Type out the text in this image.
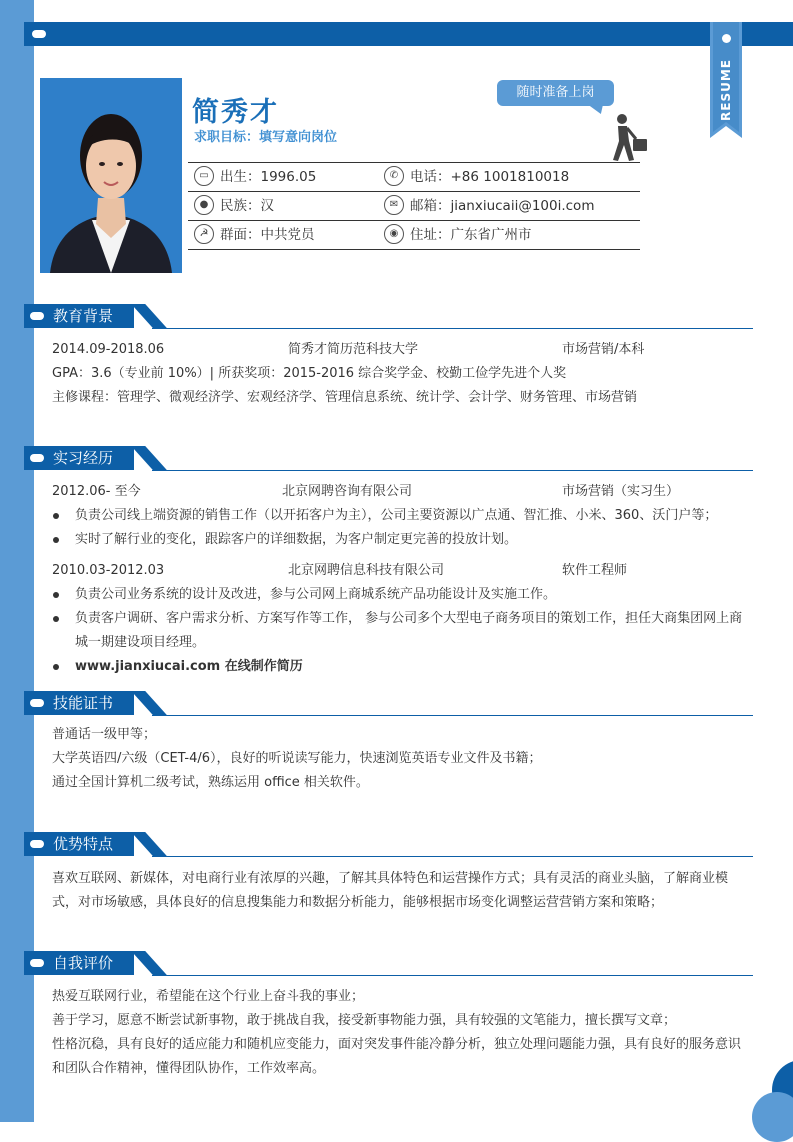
RESUME
简秀才
求职目标：填写意向岗位
随时准备上岗
▭ 出生：1996.05	✆ 电话：+86 1001810018
● 民族：汉	✉ 邮箱：jianxiucaii@100i.com
☭ 群面：中共党员	◉ 住址：广东省广州市
教育背景
2014.09-2018.06	简秀才简历范科技大学	市场营销/本科
GPA：3.6（专业前 10%）| 所获奖项：2015-2016 综合奖学金、校勤工俭学先进个人奖
主修课程：管理学、微观经济学、宏观经济学、管理信息系统、统计学、会计学、财务管理、市场营销
实习经历
2012.06- 至今	北京网聘咨询有限公司	市场营销（实习生）
负责公司线上端资源的销售工作（以开拓客户为主），公司主要资源以广点通、智汇推、小米、360、沃门户等；
实时了解行业的变化，跟踪客户的详细数据，为客户制定更完善的投放计划。
2010.03-2012.03	北京网聘信息科技有限公司	软件工程师
负责公司业务系统的设计及改进，参与公司网上商城系统产品功能设计及实施工作。
负责客户调研、客户需求分析、方案写作等工作， 参与公司多个大型电子商务项目的策划工作，担任大商集团网上商城一期建设项目经理。
www.jianxiucai.com 在线制作简历
技能证书
普通话一级甲等；
大学英语四/六级（CET-4/6），良好的听说读写能力，快速浏览英语专业文件及书籍；
通过全国计算机二级考试，熟练运用 office 相关软件。
优势特点
喜欢互联网、新媒体，对电商行业有浓厚的兴趣，了解其具体特色和运营操作方式；具有灵活的商业头脑，了解商业模式，对市场敏感，具体良好的信息搜集能力和数据分析能力，能够根据市场变化调整运营营销方案和策略；
自我评价
热爱互联网行业，希望能在这个行业上奋斗我的事业；
善于学习，愿意不断尝试新事物，敢于挑战自我，接受新事物能力强，具有较强的文笔能力，擅长撰写文章；
性格沉稳，具有良好的适应能力和随机应变能力，面对突发事件能冷静分析，独立处理问题能力强，具有良好的服务意识和团队合作精神，懂得团队协作，工作效率高。
